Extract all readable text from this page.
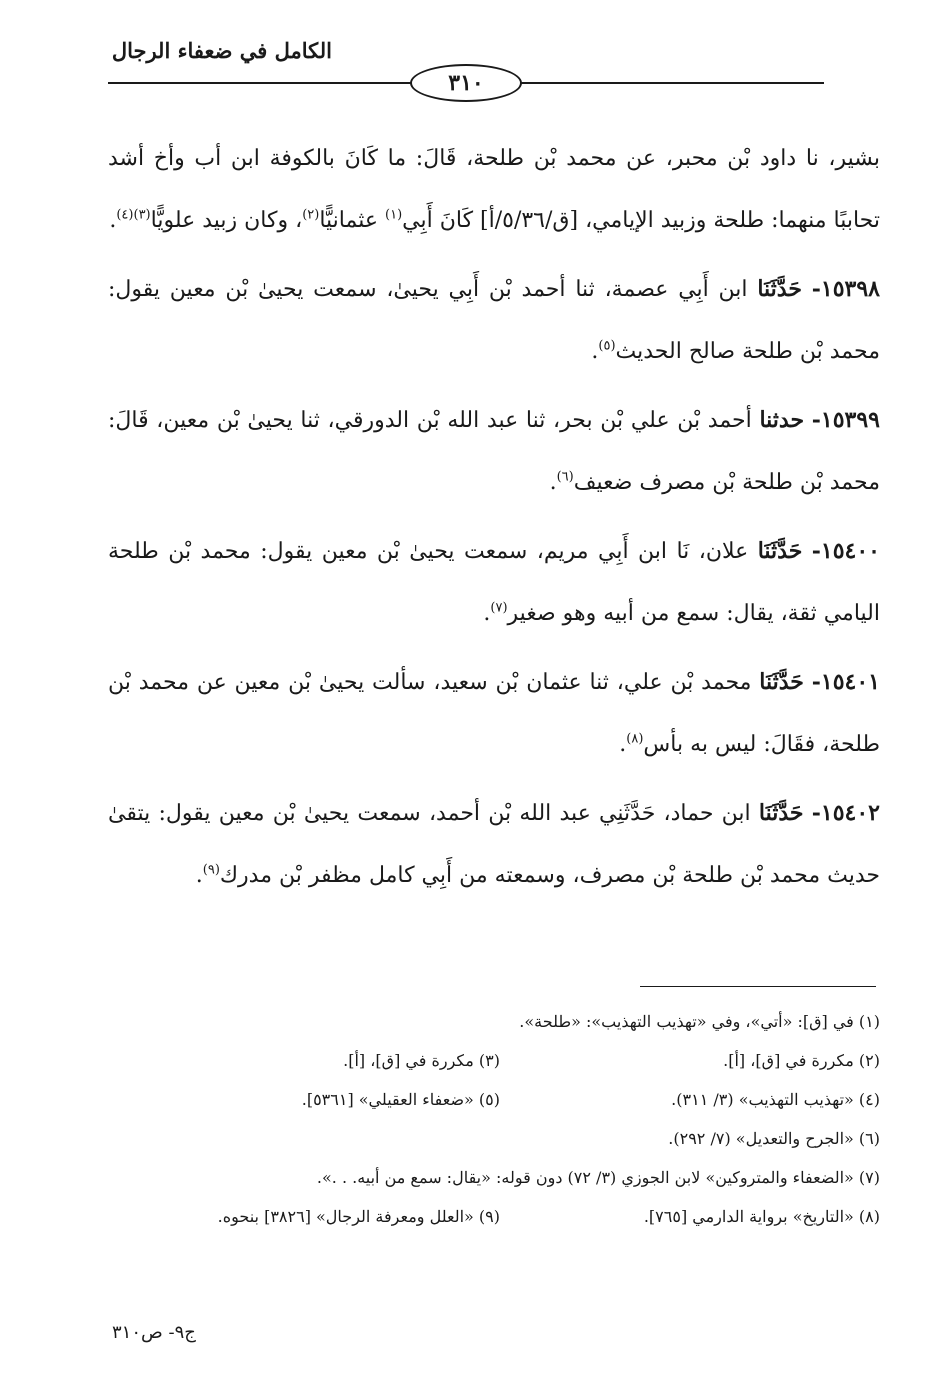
الكامل في ضعفاء الرجال
٣١٠

بشير، نا داود بْن محبر، عن محمد بْن طلحة، قَالَ: ما كَانَ بالكوفة ابن أب وأخ أشد تحاببًا منهما: طلحة وزبيد الإيامي، [ق/٥/٣٦/أ] كَانَ أَبِي$^{(١)}$ عثمانيًّا$^{(٢)}$، وكان زبيد علويًّا$^{(٣)(٤)}$.

١٥٣٩٨- حَدَّثَنَا ابن أَبِي عصمة، ثنا أحمد بْن أَبِي يحيىٰ، سمعت يحيىٰ بْن معين يقول: محمد بْن طلحة صالح الحديث$^{(٥)}$.

١٥٣٩٩- حدثنا أحمد بْن علي بْن بحر، ثنا عبد الله بْن الدورقي، ثنا يحيىٰ بْن معين، قَالَ: محمد بْن طلحة بْن مصرف ضعيف$^{(٦)}$.

١٥٤٠٠- حَدَّثَنَا علان، نَا ابن أَبِي مريم، سمعت يحيىٰ بْن معين يقول: محمد بْن طلحة اليامي ثقة، يقال: سمع من أبيه وهو صغير$^{(٧)}$.

١٥٤٠١- حَدَّثَنَا محمد بْن علي، ثنا عثمان بْن سعيد، سألت يحيىٰ بْن معين عن محمد بْن طلحة، فقَالَ: ليس به بأس$^{(٨)}$.

١٥٤٠٢- حَدَّثَنَا ابن حماد، حَدَّثَنِي عبد الله بْن أحمد، سمعت يحيىٰ بْن معين يقول: يتقىٰ حديث محمد بْن طلحة بْن مصرف، وسمعته من أَبِي كامل مظفر بْن مدرك$^{(٩)}$.

(١) في [ق]: «أتي»، وفي «تهذيب التهذيب»: «طلحة».
(٢) مكررة في [ق]، [أ].
(٣) مكررة في [ق]، [أ].
(٤) «تهذيب التهذيب» (٣/ ٣١١).
(٥) «ضعفاء العقيلي» [٥٣٦١].
(٦) «الجرح والتعديل» (٧/ ٢٩٢).
(٧) «الضعفاء والمتروكين» لابن الجوزي (٣/ ٧٢) دون قوله: «يقال: سمع من أبيه. . .».
(٨) «التاريخ» برواية الدارمي [٧٦٥].
(٩) «العلل ومعرفة الرجال» [٣٨٢٦] بنحوه.
ج٩- ص٣١٠
